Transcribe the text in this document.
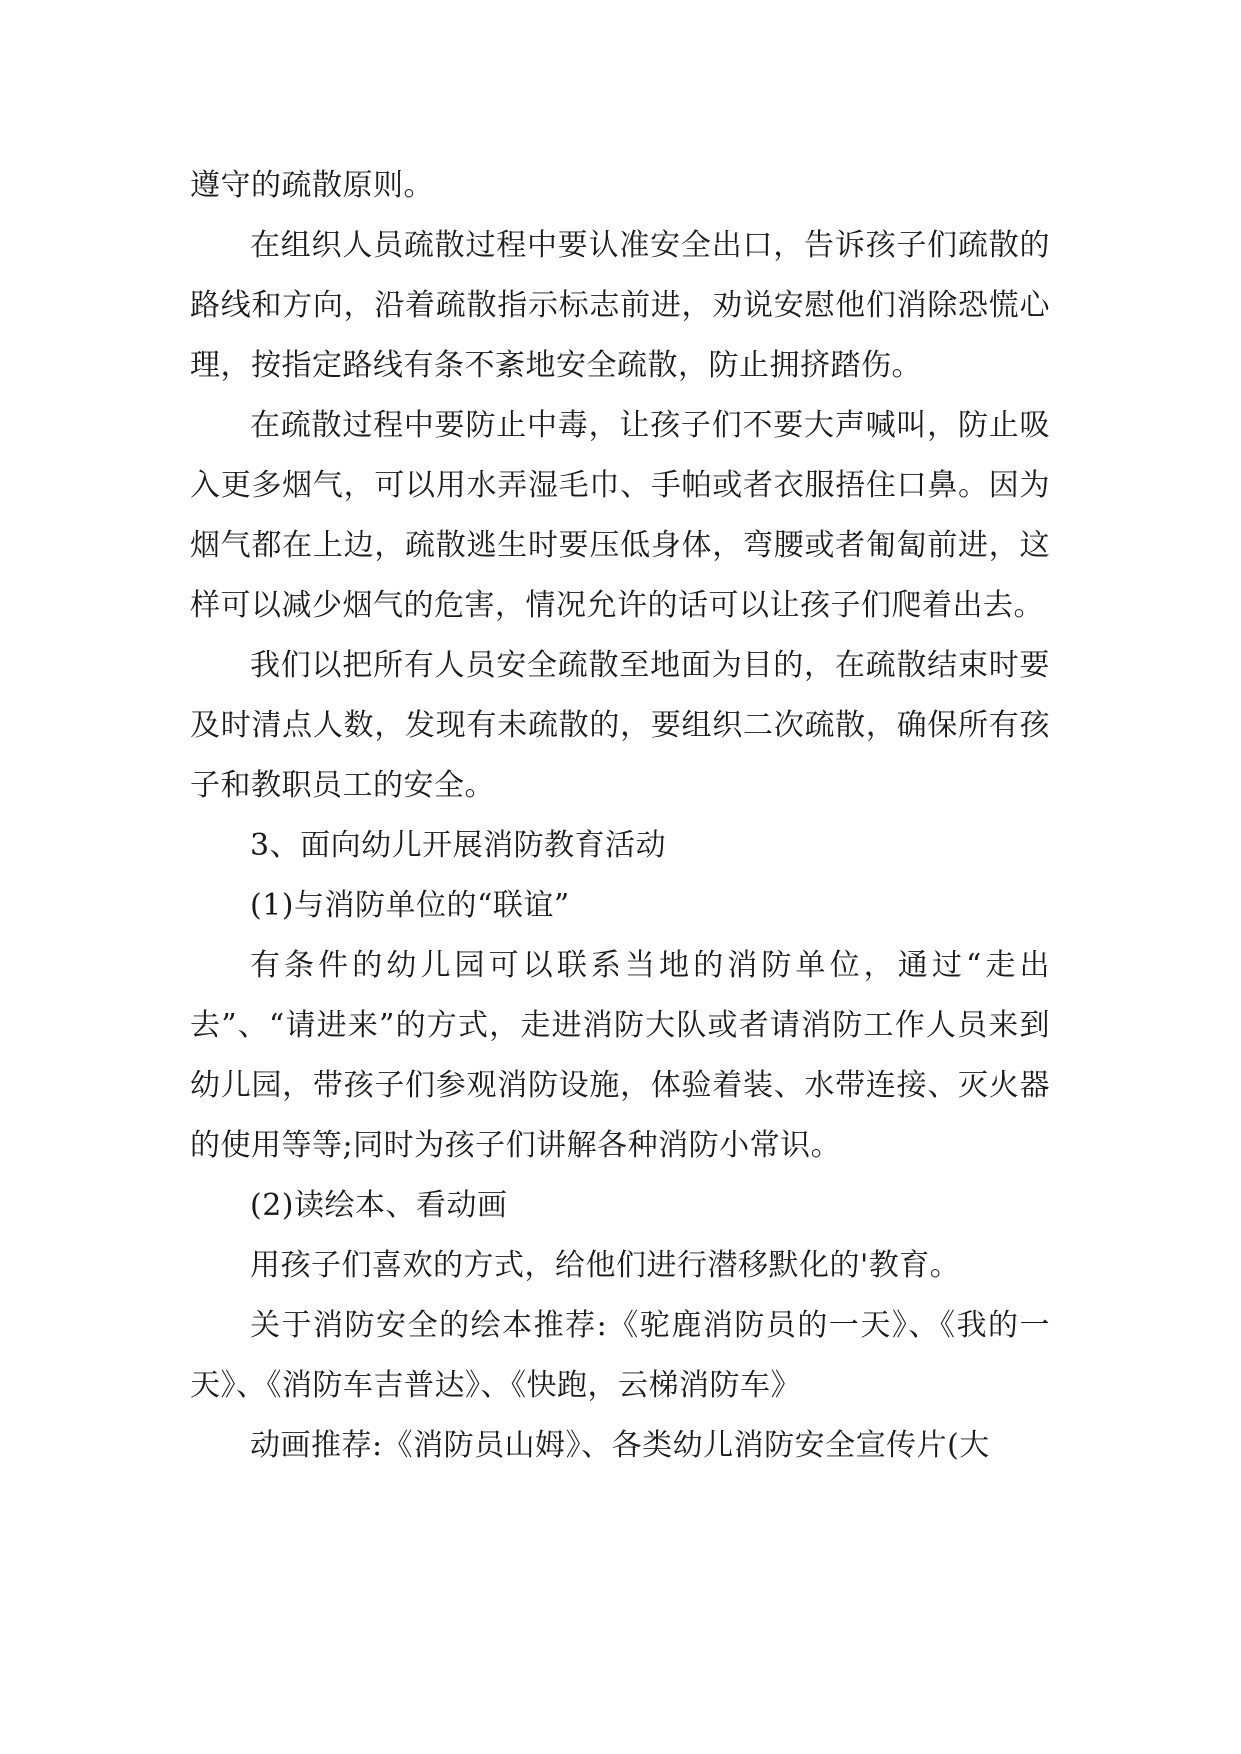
遵守的疏散原则。

在组织人员疏散过程中要认准安全出口，告诉孩子们疏散的路线和方向，沿着疏散指示标志前进，劝说安慰他们消除恐慌心理，按指定路线有条不紊地安全疏散，防止拥挤踏伤。

在疏散过程中要防止中毒，让孩子们不要大声喊叫，防止吸入更多烟气，可以用水弄湿毛巾、手帕或者衣服捂住口鼻。因为烟气都在上边，疏散逃生时要压低身体，弯腰或者匍匐前进，这样可以减少烟气的危害，情况允许的话可以让孩子们爬着出去。

我们以把所有人员安全疏散至地面为目的，在疏散结束时要及时清点人数，发现有未疏散的，要组织二次疏散，确保所有孩子和教职员工的安全。

3、面向幼儿开展消防教育活动

(1)与消防单位的“联谊”

有条件的幼儿园可以联系当地的消防单位，通过“走出去”、“请进来”的方式，走进消防大队或者请消防工作人员来到幼儿园，带孩子们参观消防设施，体验着装、水带连接、灭火器的使用等等;同时为孩子们讲解各种消防小常识。

(2)读绘本、看动画

用孩子们喜欢的方式，给他们进行潜移默化的'教育。

关于消防安全的绘本推荐:《驼鹿消防员的一天》、《我的一天》、《消防车吉普达》、《快跑，云梯消防车》

动画推荐:《消防员山姆》、各类幼儿消防安全宣传片(大
